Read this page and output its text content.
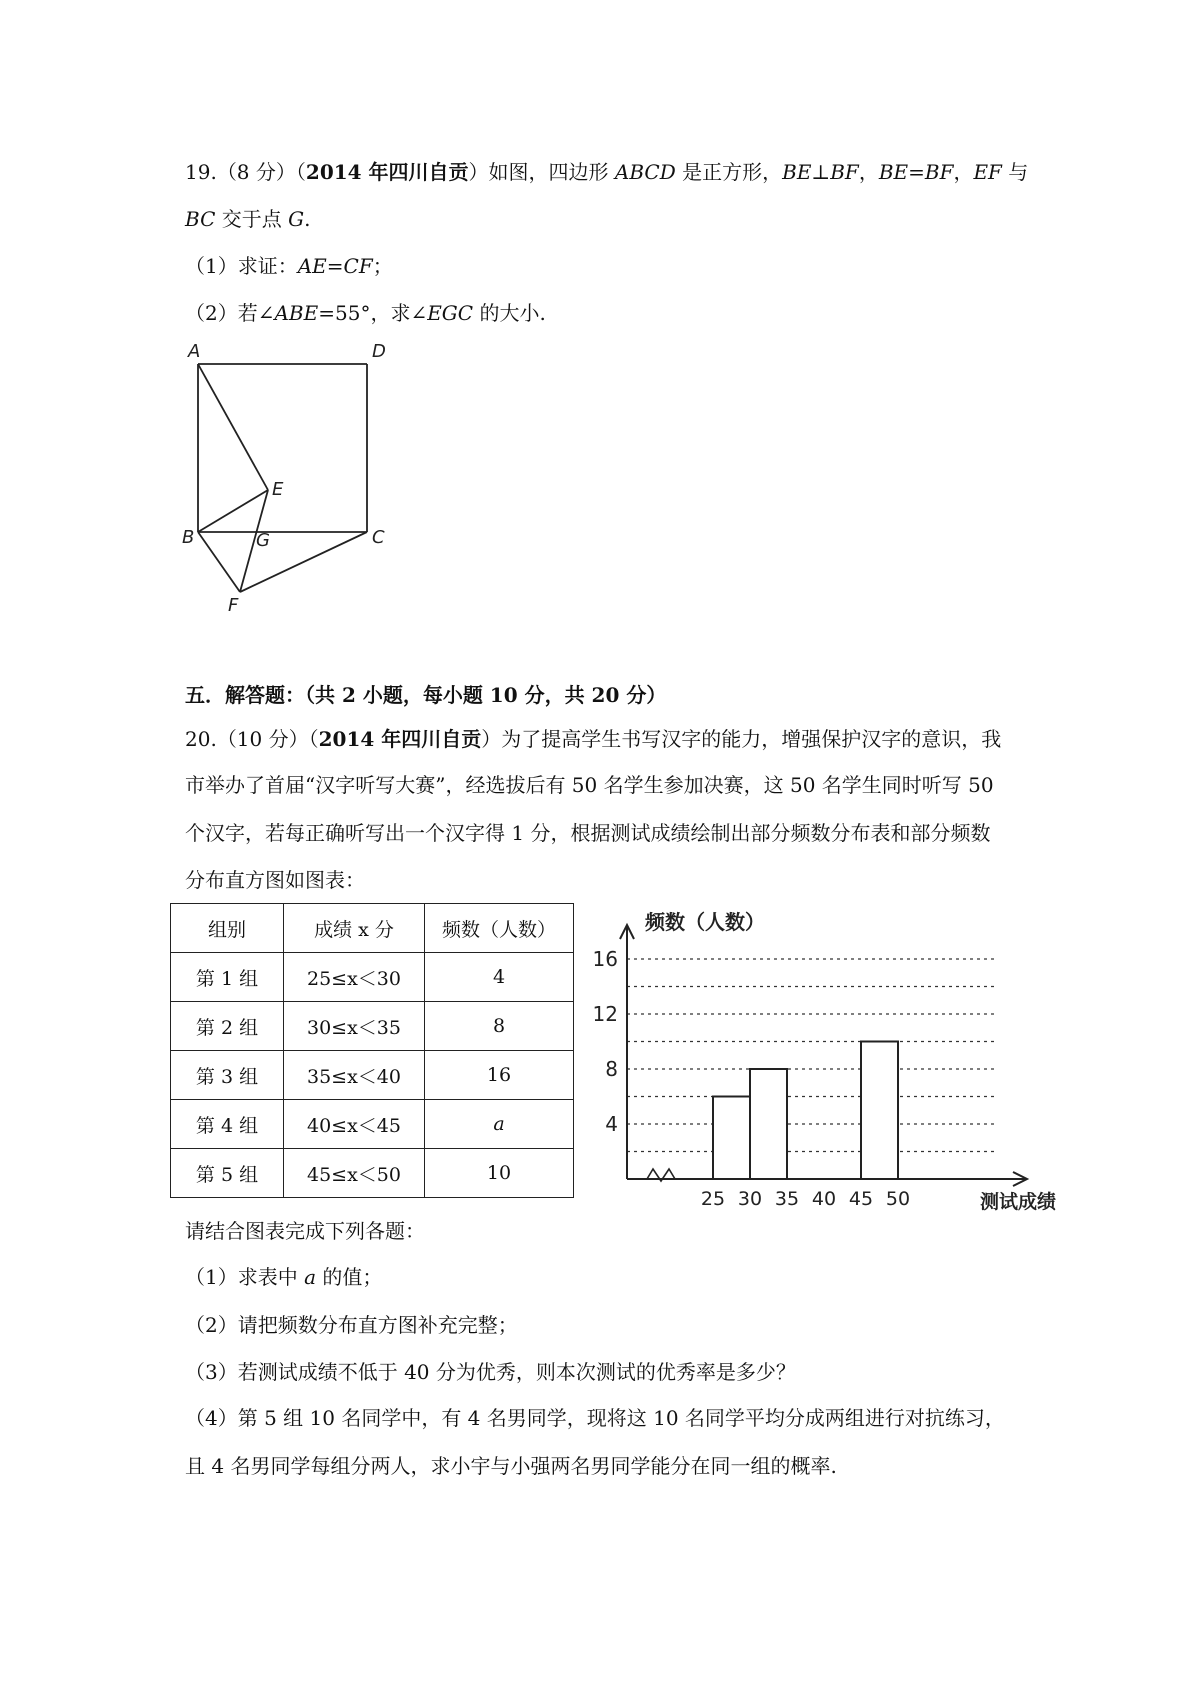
19.（8 分）（2014 年四川自贡）如图，四边形 ABCD 是正方形，BE⊥BF，BE=BF，EF 与
BC 交于点 G.
（1）求证：AE=CF；
（2）若∠ABE=55°，求∠EGC 的大小.
A	D
E
B	G	C
F
五．解答题：（共 2 小题，每小题 10 分，共 20 分）
20.（10 分）（2014 年四川自贡）为了提高学生书写汉字的能力，增强保护汉字的意识，我
市举办了首届“汉字听写大赛”，经选拔后有 50 名学生参加决赛，这 50 名学生同时听写 50
个汉字，若每正确听写出一个汉字得 1 分，根据测试成绩绘制出部分频数分布表和部分频数
分布直方图如图表：
组别	成绩 x 分	频数（人数）
第 1 组	25≤x＜30	4
第 2 组	30≤x＜35	8
第 3 组	35≤x＜40	16
第 4 组	40≤x＜45	a
第 5 组	45≤x＜50	10
4
8
12
16
25 30 35 40 45 50
频数（人数）
测试成绩
请结合图表完成下列各题：
（1）求表中 a 的值；
（2）请把频数分布直方图补充完整；
（3）若测试成绩不低于 40 分为优秀，则本次测试的优秀率是多少？
（4）第 5 组 10 名同学中，有 4 名男同学，现将这 10 名同学平均分成两组进行对抗练习，
且 4 名男同学每组分两人，求小宇与小强两名男同学能分在同一组的概率.
